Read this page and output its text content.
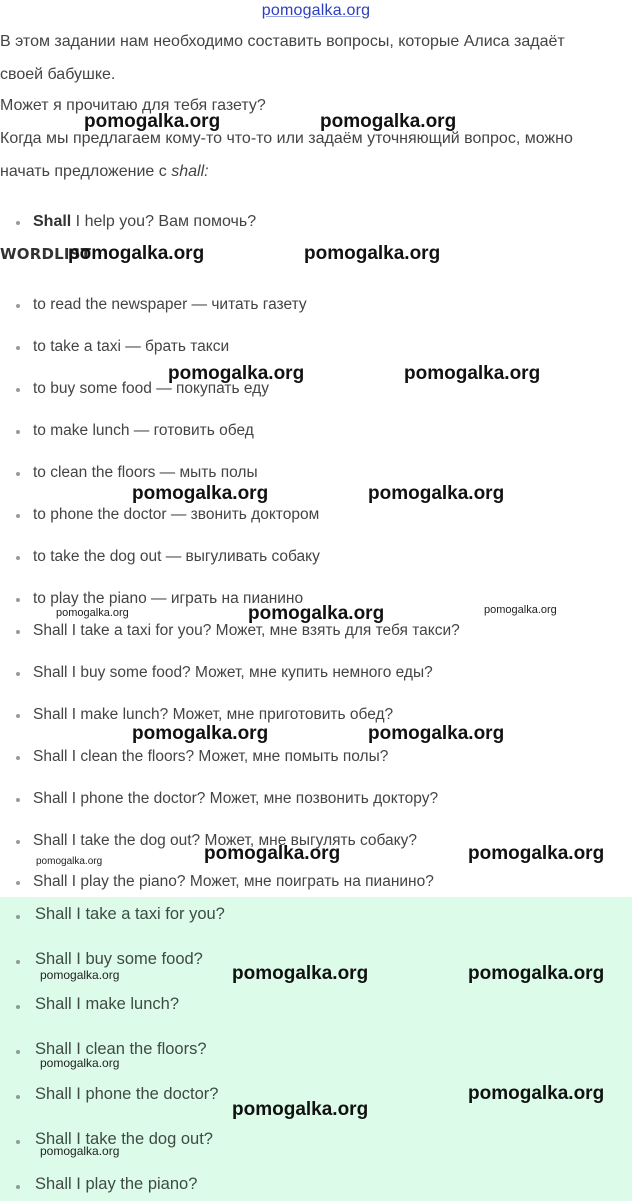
pomogalka.org
В этом задании нам необходимо составить вопросы, которые Алиса задаёт
своей бабушке.
Может я прочитаю для тебя газету?
Когда мы предлагаем кому-то что-то или задаём уточняющий вопрос, можно
начать предложение с shall:
Shall I help you? Вам помочь?
WORDLIST
to read the newspaper — читать газету
to take a taxi — брать такси
to buy some food — покупать еду
to make lunch — готовить обед
to clean the floors — мыть полы
to phone the doctor — звонить доктором
to take the dog out — выгуливать собаку
to play the piano — играть на пианино
Shall I take a taxi for you? Может, мне взять для тебя такси?
Shall I buy some food? Может, мне купить немного еды?
Shall I make lunch? Может, мне приготовить обед?
Shall I clean the floors? Может, мне помыть полы?
Shall I phone the doctor? Может, мне позвонить доктору?
Shall I take the dog out? Может, мне выгулять собаку?
Shall I play the piano? Может, мне поиграть на пианино?
Shall I take a taxi for you?
Shall I buy some food?
Shall I make lunch?
Shall I clean the floors?
Shall I phone the doctor?
Shall I take the dog out?
Shall I play the piano?
pomogalka.org	pomogalka.org
pomogalka.org	pomogalka.org
pomogalka.org	pomogalka.org
pomogalka.org	pomogalka.org
pomogalka.org	pomogalka.org	pomogalka.org
pomogalka.org	pomogalka.org
pomogalka.org	pomogalka.org	pomogalka.org
pomogalka.org	pomogalka.org	pomogalka.org
pomogalka.org
pomogalka.org
pomogalka.org
pomogalka.org
